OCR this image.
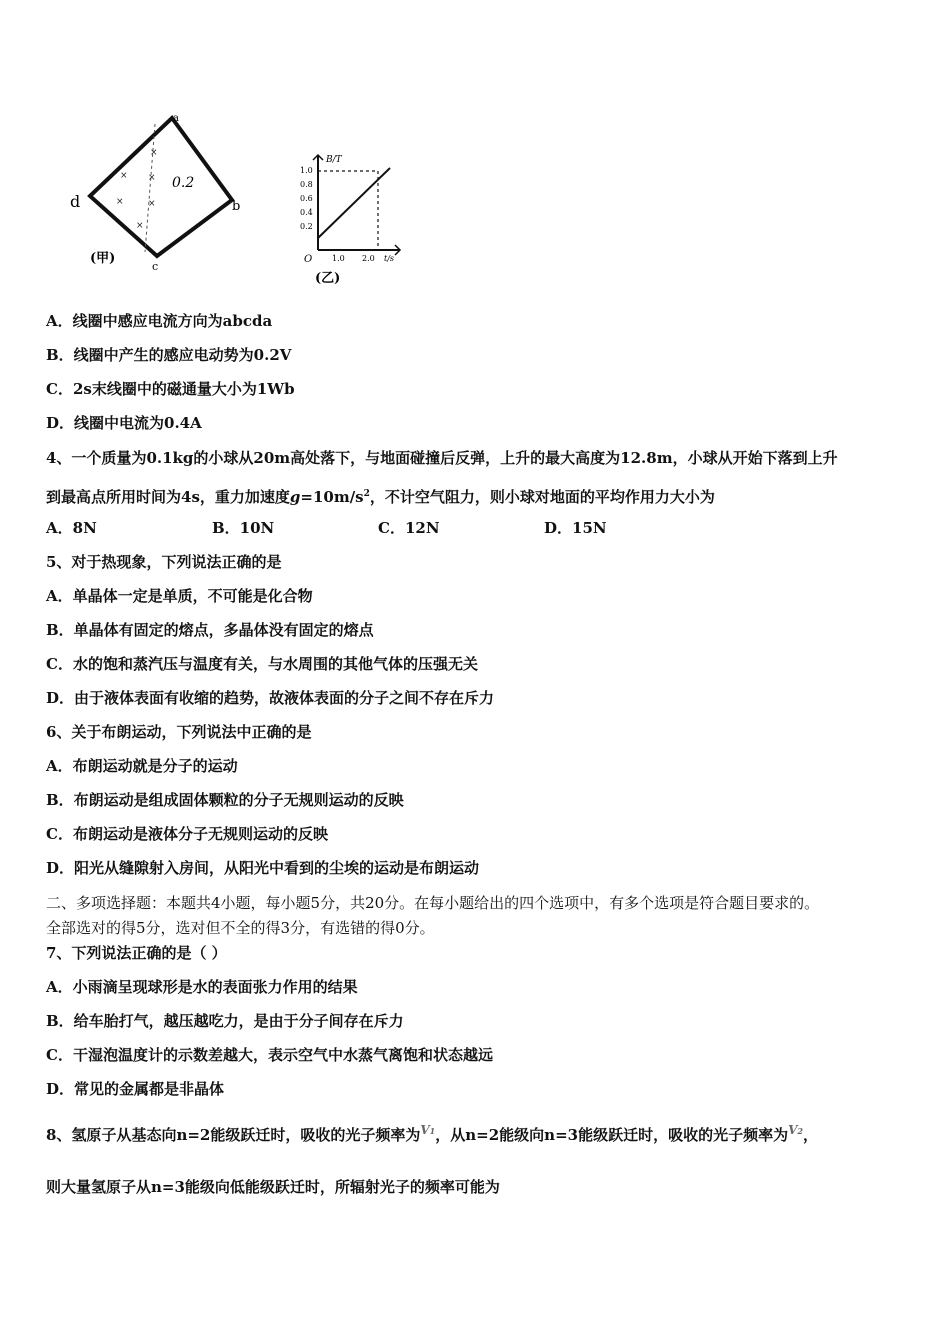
a
b
c
d
0.2
×
× ×
×	×
×
(甲)
B/T
1.0
0.8
0.6
0.4
0.2
O 1.0 2.0 t/s
(乙)
A．线圈中感应电流方向为abcda
B．线圈中产生的感应电动势为0.2V
C．2s末线圈中的磁通量大小为1Wb
D．线圈中电流为0.4A
4、一个质量为0.1kg的小球从20m高处落下，与地面碰撞后反弹，上升的最大高度为12.8m，小球从开始下落到上升
到最高点所用时间为4s，重力加速度$g=10m/s^2$，不计空气阻力，则小球对地面的平均作用力大小为
A．8N	B．10N	C．12N	D．15N
5、对于热现象，下列说法正确的是
A．单晶体一定是单质，不可能是化合物
B．单晶体有固定的熔点，多晶体没有固定的熔点
C．水的饱和蒸汽压与温度有关，与水周围的其他气体的压强无关
D．由于液体表面有收缩的趋势，故液体表面的分子之间不存在斥力
6、关于布朗运动，下列说法中正确的是
A．布朗运动就是分子的运动
B．布朗运动是组成固体颗粒的分子无规则运动的反映
C．布朗运动是液体分子无规则运动的反映
D．阳光从缝隙射入房间，从阳光中看到的尘埃的运动是布朗运动
二、多项选择题：本题共4小题，每小题5分，共20分。在每小题给出的四个选项中，有多个选项是符合题目要求的。
全部选对的得5分，选对但不全的得3分，有选错的得0分。
7、下列说法正确的是（ ）
A．小雨滴呈现球形是水的表面张力作用的结果
B．给车胎打气，越压越吃力，是由于分子间存在斥力
C．干湿泡温度计的示数差越大，表示空气中水蒸气离饱和状态越远
D．常见的金属都是非晶体
8、氢原子从基态向n=2能级跃迁时，吸收的光子频率为$^{V1}$，从n=2能级向n=3能级跃迁时，吸收的光子频率为$^{V2}$，
则大量氢原子从n=3能级向低能级跃迁时，所辐射光子的频率可能为
